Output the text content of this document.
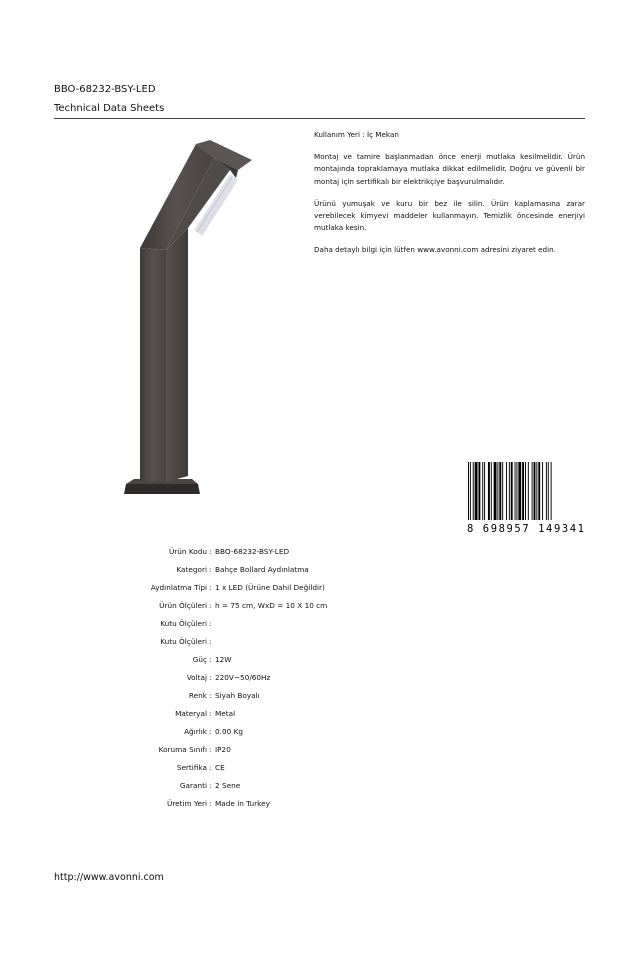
BBO-68232-BSY-LED
Technical Data Sheets

Kullanım Yeri : İç Mekan

Montaj ve tamire başlanmadan önce enerji mutlaka kesilmelidir. Ürün montajında topraklamaya mutlaka dikkat edilmelidir. Doğru ve güvenli bir montaj için sertifikalı bir elektrikçiye başvurulmalıdır.

Ürünü yumuşak ve kuru bir bez ile silin. Ürün kaplamasına zarar verebilecek kimyevi maddeler kullanmayın. Temizlik öncesinde enerjiyi mutlaka kesin.

Daha detaylı bilgi için lütfen www.avonni.com adresini ziyaret edin.

8 698957 149341
Ürün Kodu	:	BBO-68232-BSY-LED
Kategori	:	Bahçe Bollard Aydınlatma
Aydınlatma Tipi	:	1 x LED (Ürüne Dahil Değildir)
Ürün Ölçüleri	:	h = 75 cm, WxD = 10 X 10 cm
Kutu Ölçüleri	:	
Kutu Ölçüleri	:	
Güç	:	12W
Voltaj	:	220V~50/60Hz
Renk	:	Siyah Boyalı
Materyal	:	Metal
Ağırlık	:	0.00 Kg
Koruma Sınıfı	:	IP20
Sertifika	:	CE
Garanti	:	2 Sene
Üretim Yeri	:	Made in Turkey
http://www.avonni.com
